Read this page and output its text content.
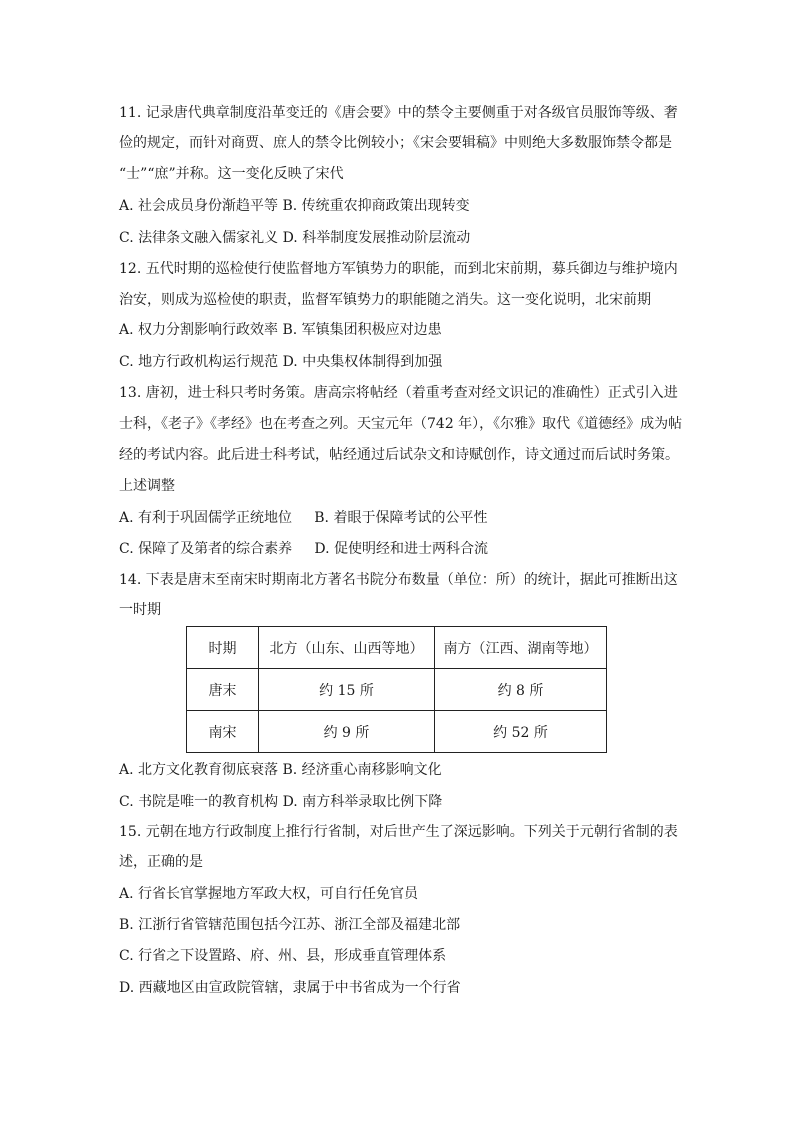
11. 记录唐代典章制度沿革变迁的《唐会要》中的禁令主要侧重于对各级官员服饰等级、奢
俭的规定，而针对商贾、庶人的禁令比例较小；《宋会要辑稿》中则绝大多数服饰禁令都是
“士”“庶”并称。这一变化反映了宋代
A. 社会成员身份渐趋平等 B. 传统重农抑商政策出现转变
C. 法律条文融入儒家礼义 D. 科举制度发展推动阶层流动
12. 五代时期的巡检使行使监督地方军镇势力的职能，而到北宋前期，募兵御边与维护境内
治安，则成为巡检使的职责，监督军镇势力的职能随之消失。这一变化说明，北宋前期
A. 权力分割影响行政效率 B. 军镇集团积极应对边患
C. 地方行政机构运行规范 D. 中央集权体制得到加强
13. 唐初，进士科只考时务策。唐高宗将帖经（着重考查对经文识记的准确性）正式引入进
士科，《老子》《孝经》也在考查之列。天宝元年（742 年），《尔雅》取代《道德经》成为帖
经的考试内容。此后进士科考试，帖经通过后试杂文和诗赋创作，诗文通过而后试时务策。
上述调整
A. 有利于巩固儒学正统地位     B. 着眼于保障考试的公平性
C. 保障了及第者的综合素养     D. 促使明经和进士两科合流
14. 下表是唐末至南宋时期南北方著名书院分布数量（单位：所）的统计，据此可推断出这
一时期
时期	北方（山东、山西等地）	南方（江西、湖南等地）
唐末	约 15 所	约 8 所
南宋	约 9 所	约 52 所
A. 北方文化教育彻底衰落 B. 经济重心南移影响文化
C. 书院是唯一的教育机构 D. 南方科举录取比例下降
15. 元朝在地方行政制度上推行行省制，对后世产生了深远影响。下列关于元朝行省制的表
述，正确的是
A. 行省长官掌握地方军政大权，可自行任免官员
B. 江浙行省管辖范围包括今江苏、浙江全部及福建北部
C. 行省之下设置路、府、州、县，形成垂直管理体系
D. 西藏地区由宣政院管辖，隶属于中书省成为一个行省
